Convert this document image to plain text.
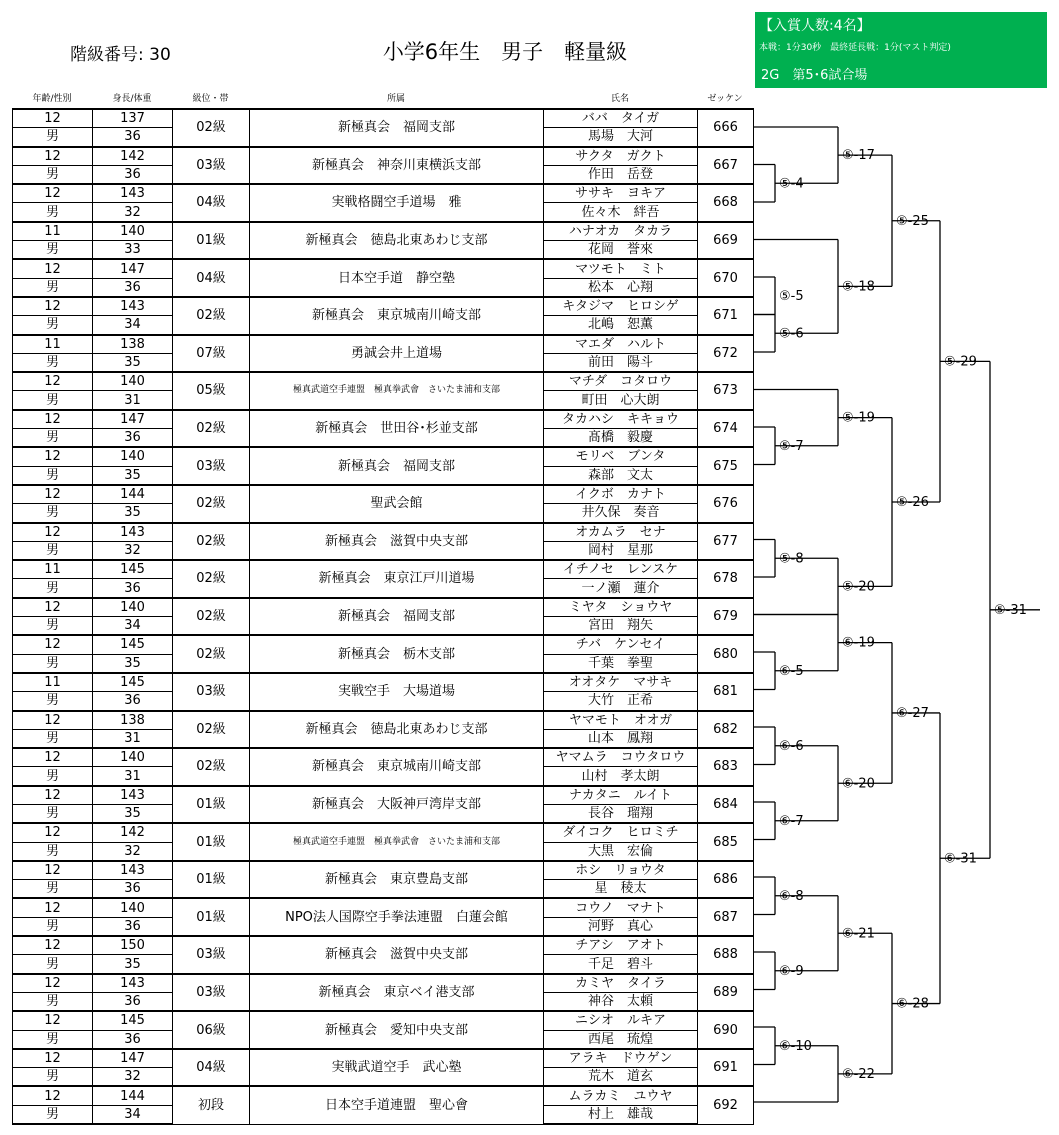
階級番号: 30	小学6年生　男子　軽量級
【入賞人数:4名】
本戦：1分30秒　最終延長戦：1分(マスト判定)
2G　第5･6試合場
年齢/性別	身長/体重	級位・帯	所属	氏名	ゼッケン
12	137	02級	新極真会　福岡支部	ババ　タイガ	666
男	36			馬場　大河	
12	142	03級	新極真会　神奈川東横浜支部	サクタ　ガクト	667
男	36			作田　岳登	
12	143	04級	実戦格闘空手道場　雅	ササキ　ヨキア	668
男	32			佐々木　絆吾	
11	140	01級	新極真会　徳島北東あわじ支部	ハナオカ　タカラ	669
男	33			花岡　誉來	
12	147	04級	日本空手道　静空塾	マツモト　ミト	670
男	36			松本　心翔	
12	143	02級	新極真会　東京城南川崎支部	キタジマ　ヒロシゲ	671
男	34			北嶋　恕薫	
11	138	07級	勇誠会井上道場	マエダ　ハルト	672
男	35			前田　陽斗	
12	140	05級	極真武道空手連盟　極真拳武會　さいたま浦和支部	マチダ　コタロウ	673
男	31			町田　心大朗	
12	147	02級	新極真会　世田谷･杉並支部	タカハシ　キキョウ	674
男	36			髙橋　毅慶	
12	140	03級	新極真会　福岡支部	モリベ　ブンタ	675
男	35			森部　文太	
12	144	02級	聖武会館	イクボ　カナト	676
男	35			井久保　奏音	
12	143	02級	新極真会　滋賀中央支部	オカムラ　セナ	677
男	32			岡村　星那	
11	145	02級	新極真会　東京江戸川道場	イチノセ　レンスケ	678
男	36			一ノ瀬　蓮介	
12	140	02級	新極真会　福岡支部	ミヤタ　ショウヤ	679
男	34			宮田　翔矢	
12	145	02級	新極真会　栃木支部	チバ　ケンセイ	680
男	35			千葉　拳聖	
11	145	03級	実戦空手　大場道場	オオタケ　マサキ	681
男	36			大竹　正希	
12	138	02級	新極真会　徳島北東あわじ支部	ヤマモト　オオガ	682
男	31			山本　鳳翔	
12	140	02級	新極真会　東京城南川崎支部	ヤマムラ　コウタロウ	683
男	31			山村　孝太朗	
12	143	01級	新極真会　大阪神戸湾岸支部	ナカタニ　ルイト	684
男	35			長谷　瑠翔	
12	142	01級	極真武道空手連盟　極真拳武會　さいたま浦和支部	ダイコク　ヒロミチ	685
男	32			大黒　宏倫	
12	143	01級	新極真会　東京豊島支部	ホシ　リョウタ	686
男	36			星　稜太	
12	140	01級	NPO法人国際空手拳法連盟　白蓮会館	コウノ　マナト	687
男	36			河野　真心	
12	150	03級	新極真会　滋賀中央支部	チアシ　アオト	688
男	35			千足　碧斗	
12	143	03級	新極真会　東京ベイ港支部	カミヤ　タイラ	689
男	36			神谷　太頼	
12	145	06級	新極真会　愛知中央支部	ニシオ　ルキア	690
男	36			西尾　琉煌	
12	147	04級	実戦武道空手　武心塾	アラキ　ドウゲン	691
男	32			荒木　道玄	
12	144	初段	日本空手道連盟　聖心會	ムラカミ　ユウヤ	692
男	34			村上　雄哉	
⑤-4
⑤-5
⑤-6
⑤-7
⑤-8
⑥-5
⑥-6
⑥-7
⑥-8
⑥-9
⑥-10
⑤-17
⑤-18
⑤-19
⑤-20
⑥-19
⑥-20
⑥-21
⑥-22
⑤-25
⑤-26
⑥-27
⑥-28
⑤-29
⑥-31
⑤-31
